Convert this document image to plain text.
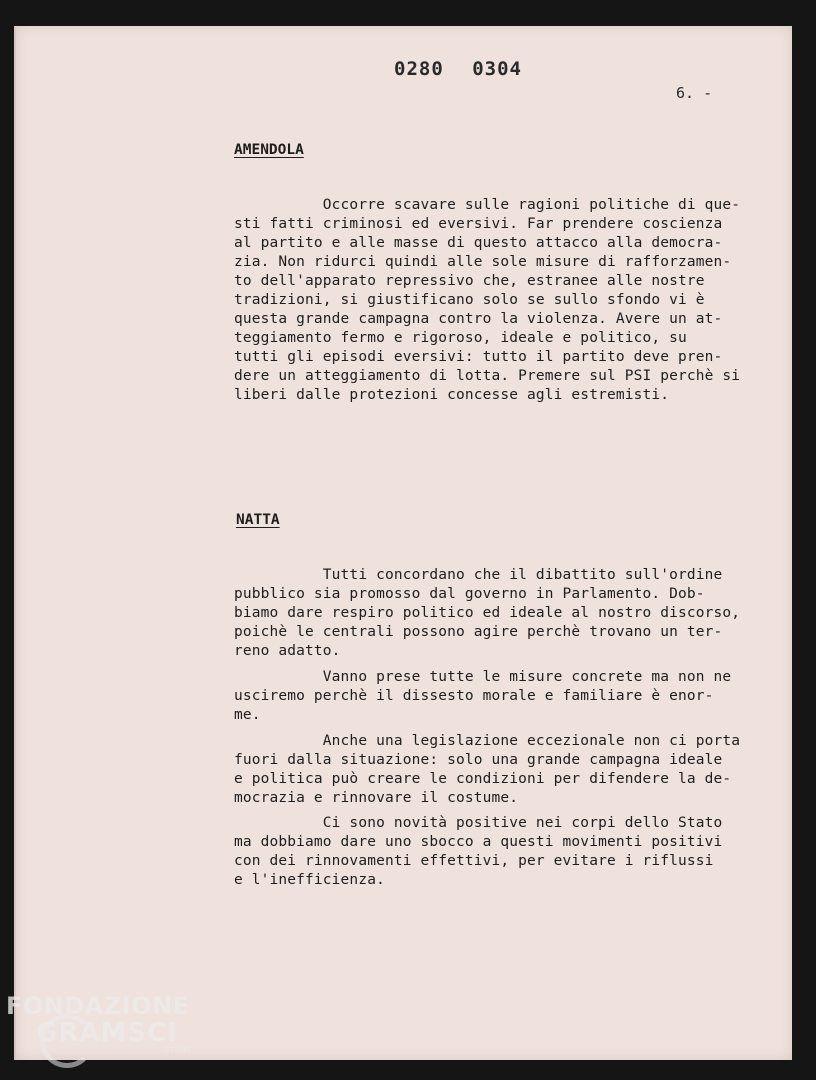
0280 0304
6. -
AMENDOLA

Occorre scavare sulle ragioni politiche di que-
sti fatti criminosi ed eversivi. Far prendere coscienza
al partito e alle masse di questo attacco alla democra-
zia. Non ridurci quindi alle sole misure di rafforzamen-
to dell'apparato repressivo che, estranee alle nostre
tradizioni, si giustificano solo se sullo sfondo vi è
questa grande campagna contro la violenza. Avere un at-
teggiamento fermo e rigoroso, ideale e politico, su
tutti gli episodi eversivi: tutto il partito deve pren-
dere un atteggiamento di lotta. Premere sul PSI perchè si
liberi dalle protezioni concesse agli estremisti.

NATTA

Tutti concordano che il dibattito sull'ordine
pubblico sia promosso dal governo in Parlamento. Dob-
biamo dare respiro politico ed ideale al nostro discorso,
poichè le centrali possono agire perchè trovano un ter-
reno adatto.

Vanno prese tutte le misure concrete ma non ne
usciremo perchè il dissesto morale e familiare è enor-
me.

Anche una legislazione eccezionale non ci porta
fuori dalla situazione: solo una grande campagna ideale
e politica può creare le condizioni per difendere la de-
mocrazia e rinnovare il costume.

Ci sono novità positive nei corpi dello Stato
ma dobbiamo dare uno sbocco a questi movimenti positivi
con dei rinnovamenti effettivi, per evitare i riflussi
e l'inefficienza.

FONDAZIONE
GRAMSCI
onlus
